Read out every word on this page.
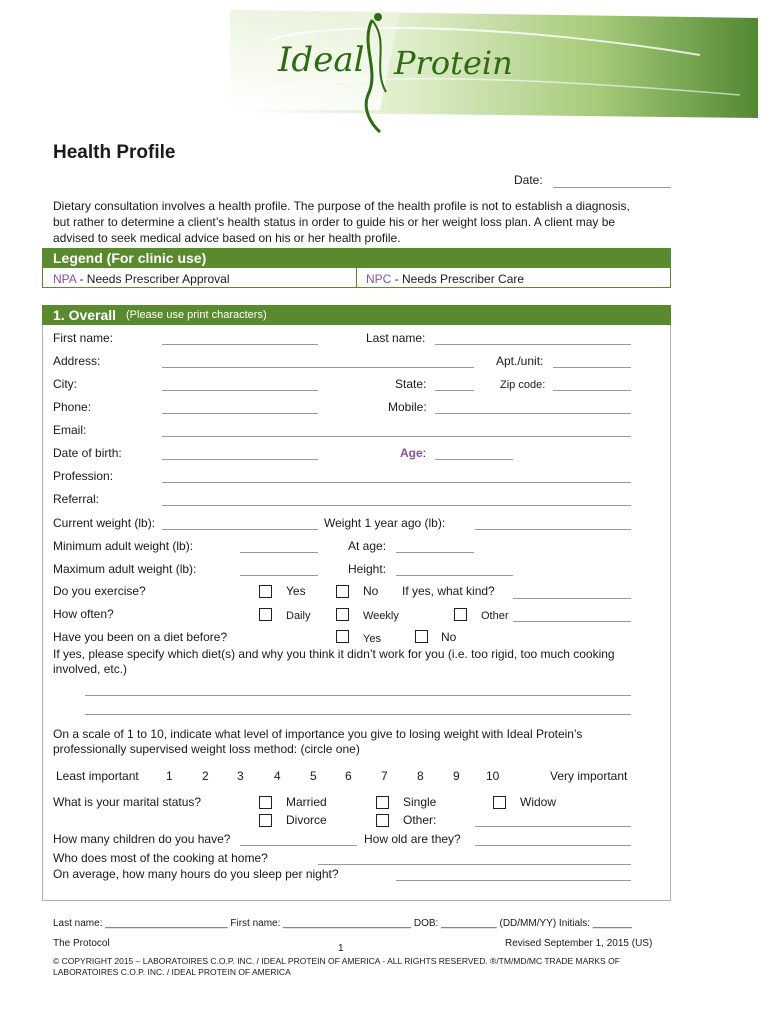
Ideal Protein
Health Profile
Date:
Dietary consultation involves a health profile. The purpose of the health profile is not to establish a diagnosis,
but rather to determine a client’s health status in order to guide his or her weight loss plan. A client may be
advised to seek medical advice based on his or her health profile.
Legend (For clinic use)
NPA - Needs Prescriber Approval	NPC - Needs Prescriber Care
1. Overall (Please use print characters)
First name:	Last name:
Address:	Apt./unit:
City:	State:	Zip code:
Phone:	Mobile:
Email:
Date of birth:	Age:
Profession:
Referral:
Current weight (lb):	Weight 1 year ago (lb):
Minimum adult weight (lb):	At age:
Maximum adult weight (lb):	Height:
Do you exercise?	Yes	No If yes, what kind?
How often?	Daily	Weekly	Other
Have you been on a diet before?	Yes	No
If yes, please specify which diet(s) and why you think it didn’t work for you (i.e. too rigid, too much cooking
involved, etc.)
On a scale of 1 to 10, indicate what level of importance you give to losing weight with Ideal Protein’s
professionally supervised weight loss method: (circle one)
Least important 1 2 3	4 5 6 7 8 9 10	Very important
What is your marital status?	Married	Single	Widow
Divorce	Other:
How many children do you have?	How old are they?
Who does most of the cooking at home?
On average, how many hours do you sleep per night?
Last name: ______________________ First name: _______________________ DOB: __________ (DD/MM/YY) Initials: _______
The Protocol	1	Revised September 1, 2015 (US)
© COPYRIGHT 2015 – LABORATOIRES C.O.P. INC. / IDEAL PROTEIN OF AMERICA - ALL RIGHTS RESERVED. ®/TM/MD/MC TRADE MARKS OF
LABORATOIRES C.O.P. INC. / IDEAL PROTEIN OF AMERICA
